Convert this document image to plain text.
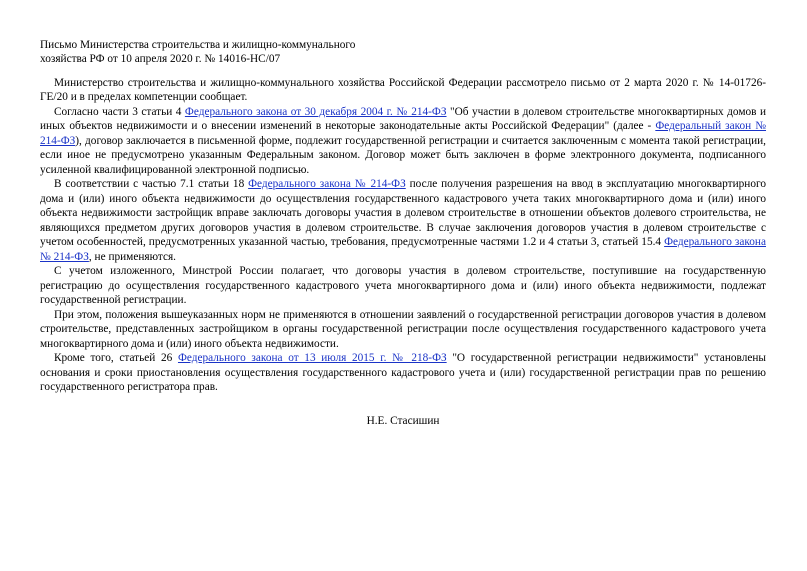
Письмо Министерства строительства и жилищно-коммунального
хозяйства РФ от 10 апреля 2020 г. № 14016-НС/07

Министерство строительства и жилищно-коммунального хозяйства Российской Федерации рассмотрело письмо от 2 марта 2020 г. № 14-01726-ГЕ/20 и в пределах компетенции сообщает.

Согласно части 3 статьи 4 Федерального закона от 30 декабря 2004 г. № 214-ФЗ "Об участии в долевом строительстве многоквартирных домов и иных объектов недвижимости и о внесении изменений в некоторые законодательные акты Российской Федерации" (далее - Федеральный закон № 214-ФЗ), договор заключается в письменной форме, подлежит государственной регистрации и считается заключенным с момента такой регистрации, если иное не предусмотрено указанным Федеральным законом. Договор может быть заключен в форме электронного документа, подписанного усиленной квалифицированной электронной подписью.

В соответствии с частью 7.1 статьи 18 Федерального закона № 214-ФЗ после получения разрешения на ввод в эксплуатацию многоквартирного дома и (или) иного объекта недвижимости до осуществления государственного кадастрового учета таких многоквартирного дома и (или) иного объекта недвижимости застройщик вправе заключать договоры участия в долевом строительстве в отношении объектов долевого строительства, не являющихся предметом других договоров участия в долевом строительстве. В случае заключения договоров участия в долевом строительстве с учетом особенностей, предусмотренных указанной частью, требования, предусмотренные частями 1.2 и 4 статьи 3, статьей 15.4 Федерального закона № 214-ФЗ, не применяются.

С учетом изложенного, Минстрой России полагает, что договоры участия в долевом строительстве, поступившие на государственную регистрацию до осуществления государственного кадастрового учета многоквартирного дома и (или) иного объекта недвижимости, подлежат государственной регистрации.

При этом, положения вышеуказанных норм не применяются в отношении заявлений о государственной регистрации договоров участия в долевом строительстве, представленных застройщиком в органы государственной регистрации после осуществления государственного кадастрового учета многоквартирного дома и (или) иного объекта недвижимости.

Кроме того, статьей 26 Федерального закона от 13 июля 2015 г. № 218-ФЗ "О государственной регистрации недвижимости" установлены основания и сроки приостановления осуществления государственного кадастрового учета и (или) государственной регистрации прав по решению государственного регистратора прав.

Н.Е. Стасишин
